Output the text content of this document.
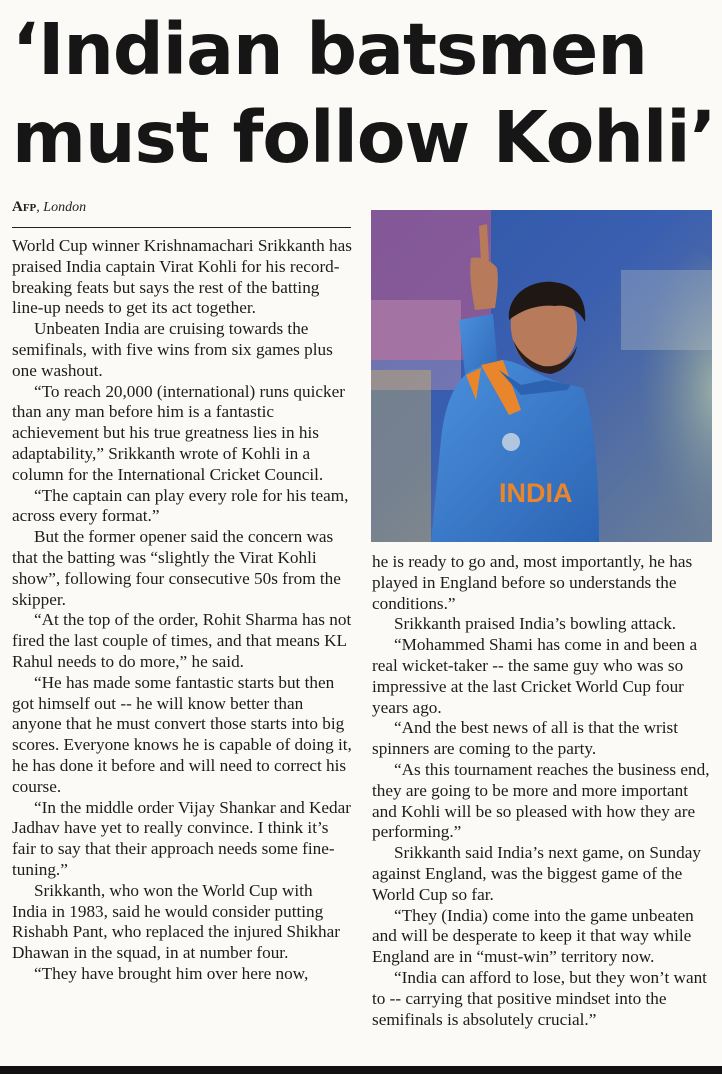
‘Indian batsmen
must follow Kohli’
Afp, London

World Cup winner Krishnamachari Srikkanth has praised India captain Virat Kohli for his record-breaking feats but says the rest of the batting line-up needs to get its act together.

Unbeaten India are cruising towards the semifinals, with five wins from six games plus one washout.

“To reach 20,000 (international) runs quicker than any man before him is a fantastic achievement but his true greatness lies in his adaptability,” Srikkanth wrote of Kohli in a column for the International Cricket Council.

“The captain can play every role for his team, across every format.”

But the former opener said the concern was that the batting was “slightly the Virat Kohli show”, following four consecutive 50s from the skipper.

“At the top of the order, Rohit Sharma has not fired the last couple of times, and that means KL Rahul needs to do more,” he said.

“He has made some fantastic starts but then got himself out -- he will know better than anyone that he must convert those starts into big scores. Everyone knows he is capable of doing it, he has done it before and will need to correct his course.

“In the middle order Vijay Shankar and Kedar Jadhav have yet to really convince. I think it’s fair to say that their approach needs some fine-tuning.”

Srikkanth, who won the World Cup with India in 1983, said he would consider putting Rishabh Pant, who replaced the injured Shikhar Dhawan in the squad, in at number four.

“They have brought him over here now,

INDIA

he is ready to go and, most importantly, he has played in England before so understands the conditions.”

Srikkanth praised India’s bowling attack.

“Mohammed Shami has come in and been a real wicket-taker -- the same guy who was so impressive at the last Cricket World Cup four years ago.

“And the best news of all is that the wrist spinners are coming to the party.

“As this tournament reaches the business end, they are going to be more and more important and Kohli will be so pleased with how they are performing.”

Srikkanth said India’s next game, on Sunday against England, was the biggest game of the World Cup so far.

“They (India) come into the game unbeaten and will be desperate to keep it that way while England are in “must-win” territory now.

“India can afford to lose, but they won’t want to -- carrying that positive mindset into the semifinals is absolutely crucial.”
